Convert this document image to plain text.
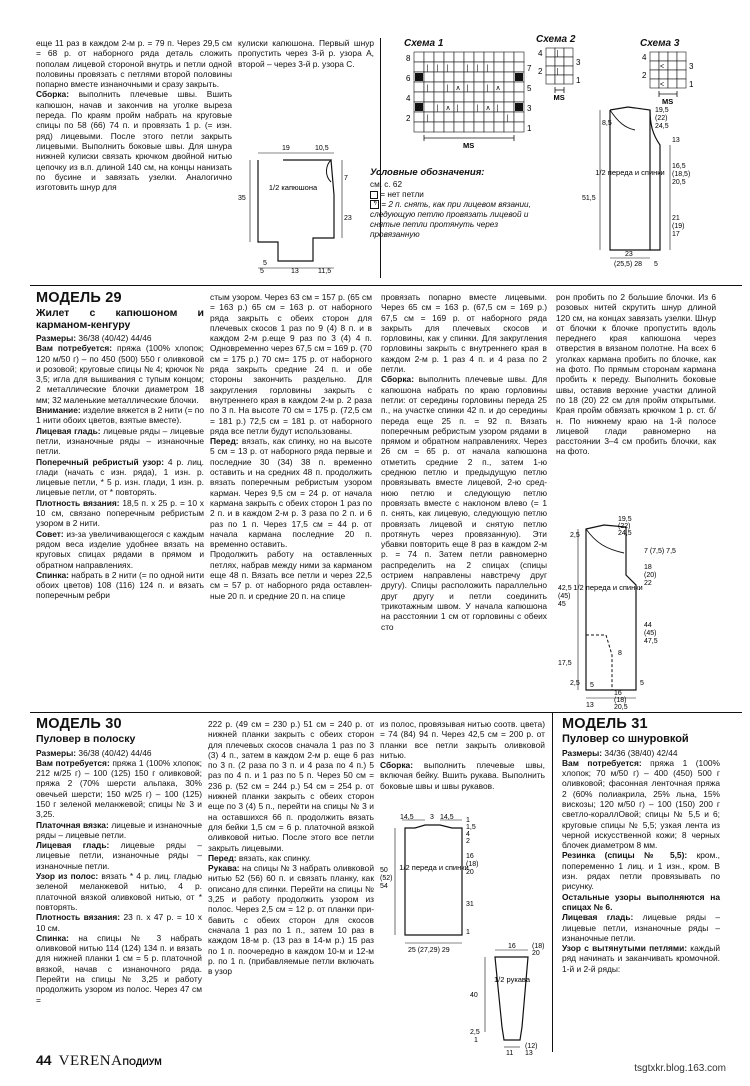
еще 11 раз в каждом 2-м р. = 79 п. Через 29,5 см = 68 р. от наборного ряда деталь сложить пополам лицевой стороной внутрь и петли одной половины провязать с петлями второй половины попарно вместе изнаночными и сразу закрыть.

Сборка: выполнить плечевые швы. Вшить капюшон, начав и закончив на уголке выреза переда. По краям пройм набрать на круговые спицы по 58 (66) 74 п. и провязать 1 р. (= изн. ряд) лицевыми. После этого петли закрыть лицевыми. Выполнить боковые швы. Для шнура нижней кулиски связать крючком двойной нитью цепочку из в.п. длиной 140 см, на концы нанизать по бусине и завязать узелки. Аналогично изготовить шнур для

кулиски капюшона. Первый шнур пропустить через 3-й р. узора А, второй – через 3-й р. узора С.

19	10,5
35
7
23
5
13	11,5
5
1/2 капюшона
Схема 1
8
6
4
2
7
5
3
1
MS
| | |	| | |
|	|	|	|
|	|	|	|
|	|
∧	∧
∧	∧
Схема 2
4
2
3
1
MS
|
|
Схема 3
4
2
3
1
MS
<
<
Условные обозначения:
см. с. 62
= нет петли
↰ = 2 п. снять, как при лицевом вязании, следующую петлю провязать лицевой и снятые петли протянуть через провязанную
8,5
19,5
(22)
24,5
51,5
13
16,5
(18,5)
20,5
21
(19)
17
23
(25,5) 28 5
1/2 переда и спинки
МОДЕЛЬ 29
Жилет с капюшоном и карманом-кенгуру

Размеры: 36/38 (40/42) 44/46

Вам потребуется: пряжа (100% хлопок; 120 м/50 г) – по 450 (500) 550 г оливковой и розовой; круговые спицы № 4; крючок № 3,5; игла для вышивания с тупым концом; 2 металлические блочки диаметром 18 мм; 32 маленькие металлические блочки.

Внимание: изделие вяжется в 2 нити (= по 1 нити обоих цветов, взятые вместе).

Лицевая гладь: лицевые ряды – лицевые петли, изнаночные ряды – изнаночные петли.

Поперечный ребристый узор: 4 р. лиц. глади (начать с изн. ряда), 1 изн. р. лицевые петли, * 5 р. изн. глади, 1 изн. р. лицевые петли, от * повторять.

Плотность вязания: 18,5 п. х 25 р. = 10 х 10 см, связано поперечным ребристым узором в 2 нити.

Совет: из-за увеличивающегося с каждым рядом веса изделие удобнее вязать на круговых спицах рядами в прямом и обратном направлениях.

Спинка: набрать в 2 нити (= по одной нити обоих цветов) 108 (116) 124 п. и вязать поперечным ребри

стым узором. Через 63 см = 157 р. (65 см = 163 р.) 65 см = 163 р. от наборного ряда закрыть с обеих сторон для плечевых скосов 1 раз по 9 (4) 8 п. и в каждом 2-м р.еще 9 раз по 3 (4) 4 п. Одновременно через 67,5 см = 169 р. (70 см = 175 р.) 70 см= 175 р. от наборного ряда закрыть средние 24 п. и обе стороны закончить раздельно. Для закругления горловины закрыть с внутреннего края в каждом 2-м р. 2 раза по 3 п. На высоте 70 см = 175 р. (72,5 см = 181 р.) 72,5 см = 181 р. от наборного ряда все петли будут использованы.

Перед: вязать, как спинку, но на высоте 5 см = 13 р. от наборного ряда первые и последние 30 (34) 38 п. временно оставить и на средних 48 п. продолжить вязать поперечным ребристым узором карман. Через 9,5 см = 24 р. от начала кармана закрыть с обеих сторон 1 раз по 2 п. и в каждом 2-м р. 3 раза по 2 п. и 6 раз по 1 п. Через 17,5 см = 44 р. от начала кармана последние 20 п. временно оставить.

Продолжить работу на оставленных петлях, набрав между ними за карманом еще 48 п. Вязать все петли и через 22,5 см = 57 р. от наборного ряда оставленные 20 п. и средние 20 п. на спице

провязать попарно вместе лицевыми. Через 65 см = 163 р. (67,5 см = 169 р.) 67,5 см = 169 р. от наборного ряда закрыть для плечевых скосов и горловины, как у спинки. Для закругления горловины закрыть с внутреннего края в каждом 2-м р. 1 раз 4 п. и 4 раза по 2 петли.

Сборка: выполнить плечевые швы. Для капюшона набрать по краю горловины петли: от середины горловины переда 25 п., на участке спинки 42 п. и до середины переда еще 25 п. = 92 п. Вязать поперечным ребристым узором рядами в прямом и обратном направлениях. Через 26 см = 65 р. от начала капюшона отметить средние 2 п., затем 1-ю среднюю петлю и предыдущую петлю провязывать вместе лицевой, 2-ю среднюю петлю и следующую петлю провязать вместе с наклоном влево (= 1 п. снять, как лицевую, следующую петлю провязать лицевой и снятую петлю протянуть через провязанную). Эти убавки повторить еще 8 раз в каждом 2-м р. = 74 п. Затем петли равномерно распределить на 2 спицах (спицы острием направлены навстречу друг другу). Спицы расположить параллельно друг другу и петли соединить трикотажным швом. У начала капюшона на расстоянии 1 см от горловины с обеих сто

рон пробить по 2 большие блочки. Из 6 розовых нитей скрутить шнур длиной 120 см, на концах завязать узелки. Шнур от блочки к блочке пропустить вдоль переднего края капюшона через отверстия в вязаном полотне. На всех 6 уголках кармана пробить по блочке, как на фото. По прямым сторонам кармана пробить к переду. Выполнить боковые швы, оставив верхние участки длиной по 18 (20) 22 см для пройм открытыми. Края пройм обвязать крючком 1 р. ст. б/н. По нижнему краю на 1-й полосе лицевой глади равномерно на расстоянии 3–4 см пробить блочки, как на фото.

2,5
19,5
(22)
24,5
7 (7,5) 7,5
18
(20)
22
42,5
(45)
45
44
(45)
47,5
8
17,5
5
16
(18)
20,5
13
2,5	5
1/2 переда и спинки
МОДЕЛЬ 30
Пуловер в полоску

Размеры: 36/38 (40/42) 44/46

Вам потребуется: пряжа 1 (100% хлопок; 212 м/25 г) – 100 (125) 150 г оливковой; пряжа 2 (70% шерсти альпака, 30% овечьей шерсти; 150 м/25 г) – 100 (125) 150 г зеленой меланжевой; спицы № 3 и 3,25.

Платочная вязка: лицевые и изнаночные ряды – лицевые петли.

Лицевая гладь: лицевые ряды – лицевые петли, изнаночные ряды – изнаночные петли.

Узор из полос: вязать * 4 р. лиц. гладью зеленой меланжевой нитью, 4 р. платочной вязкой оливковой нитью, от * повторять.

Плотность вязания: 23 п. х 47 р. = 10 х 10 см.

Спинка: на спицы № 3 набрать оливковой нитью 114 (124) 134 п. и вязать для нижней планки 1 см = 5 р. платочной вязкой, начав с изнаночного ряда. Перейти на спицы № 3,25 и работу продолжить узором из полос. Через 47 см =

222 р. (49 см = 230 р.) 51 см = 240 р. от нижней планки закрыть с обеих сторон для плечевых скосов сначала 1 раз по 3 (3) 4 п., затем в каждом 2-м р. еще 6 раз по 3 п. (2 раза по 3 п. и 4 раза по 4 п.) 5 раз по 4 п. и 1 раз по 5 п. Через 50 см = 236 р. (52 см = 244 р.) 54 см = 254 р. от нижней планки закрыть с обеих сторон еще по 3 (4) 5 п., перейти на спицы № 3 и на оставшихся 66 п. продолжить вязать для бейки 1,5 см = 6 р. платочной вязкой оливковой нитью. После этого все петли закрыть лицевыми.

Перед: вязать, как спинку.

Рукава: на спицы № 3 набрать оливковой нитью 52 (56) 60 п. и связать планку, как описано для спинки. Перейти на спицы № 3,25 и работу продолжить узором из полос. Через 2,5 см = 12 р. от планки прибавить с обеих сторон для скосов сначала 1 раз по 1 п., затем 10 раз в каждом 18-м р. (13 раз в 14-м р.) 15 раз по 1 п. поочередно в каждом 10-м и 12-м р. по 1 п. (прибавляемые петли включать в узор

из полос, провязывая нитью соотв. цвета) = 74 (84) 94 п. Через 42,5 см = 200 р. от планки все петли закрыть оливковой нитью.

Сборка: выполнить плечевые швы, включая бейку. Вшить рукава. Выполнить боковые швы и швы рукавов.

14,5 3 14,5 1
1,5
4
2
16
(18)
20
50
(52)
54
31
1
25 (27,29) 29
1/2 переда и спинки
16 (18)
20
40
2,5
1
11
(12)
13
1/2 рукава
МОДЕЛЬ 31
Пуловер со шнуровкой

Размеры: 34/36 (38/40) 42/44

Вам потребуется: пряжа 1 (100% хлопок; 70 м/50 г) – 400 (450) 500 г оливковой; фасонная ленточная пряжа 2 (60% полиакрила, 25% льна, 15% вискозы; 120 м/50 г) – 100 (150) 200 г светло-кораллОвой; спицы № 5,5 и 6; круговые спицы № 5,5; узкая лента из черной искусственной кожи; 8 черных блочек диаметром 8 мм.

Резинка (спицы № 5,5): кром., попеременно 1 лиц. и 1 изн., кром. В изн. рядах петли провязывать по рисунку.

Остальные узоры выполняются на спицах № 6.

Лицевая гладь: лицевые ряды – лицевые петли, изнаночные ряды – изнаночные петли.

Узор с вытянутыми петлями: каждый ряд начинать и заканчивать кромочной. 1-й и 2-й ряды:

44 VERENAПОДИУМ
tsgtxkr.blog.163.com
